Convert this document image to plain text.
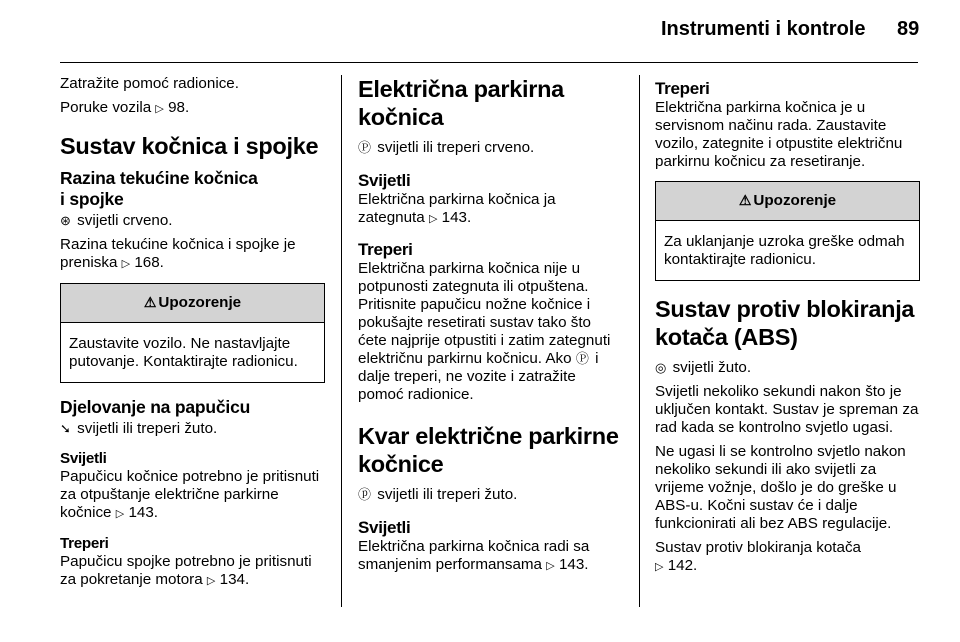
Instrumenti i kontrole 89

Zatražite pomoć radionice.

Poruke vozila ▷ 98.

Sustav kočnica i spojke
Razina tekućine kočnica
i spojke

⊛ svijetli crveno.

Razina tekućine kočnica i spojke je preniska ▷ 168.

⚠ Upozorenje
Zaustavite vozilo. Ne nastavljajte putovanje. Kontaktirajte radionicu.
Djelovanje na papučicu

➘ svijetli ili treperi žuto.

Svijetli

Papučicu kočnice potrebno je pritisnuti za otpuštanje električne parkirne kočnice ▷ 143.

Treperi

Papučicu spojke potrebno je pritisnuti za pokretanje motora ▷ 134.

Električna parkirna kočnica

Ⓟ svijetli ili treperi crveno.

Svijetli

Električna parkirna kočnica ja zategnuta ▷ 143.

Treperi

Električna parkirna kočnica nije u potpunosti zategnuta ili otpuštena. Pritisnite papučicu nožne kočnice i pokušajte resetirati sustav tako što ćete najprije otpustiti i zatim zategnuti električnu parkirnu kočnicu. Ako Ⓟ i dalje treperi, ne vozite i zatražite pomoć radionice.

Kvar električne parkirne kočnice

ⓟ svijetli ili treperi žuto.

Svijetli

Električna parkirna kočnica radi sa smanjenim performansama ▷ 143.

Treperi

Električna parkirna kočnica je u servisnom načinu rada. Zaustavite vozilo, zategnite i otpustite električnu parkirnu kočnicu za resetiranje.

⚠ Upozorenje
Za uklanjanje uzroka greške odmah kontaktirajte radionicu.
Sustav protiv blokiranja kotača (ABS)

◎ svijetli žuto.

Svijetli nekoliko sekundi nakon što je uključen kontakt. Sustav je spreman za rad kada se kontrolno svjetlo ugasi.

Ne ugasi li se kontrolno svjetlo nakon nekoliko sekundi ili ako svijetli za vrijeme vožnje, došlo je do greške u ABS-u. Kočni sustav će i dalje funkcionirati ali bez ABS regulacije.

Sustav protiv blokiranja kotača
▷ 142.
